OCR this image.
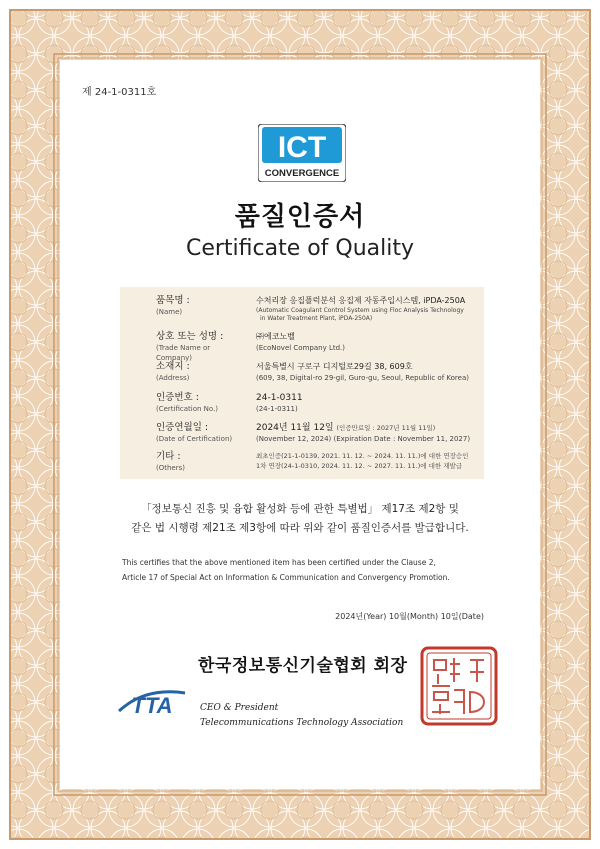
제 24-1-0311호
ICT
CONVERGENCE
품질인증서
Certificate of Quality
품목명 :
(Name)
수처리장 응집플럭분석 응집제 자동주입시스템, iPDA-250A
(Automatic Coagulant Control System using Floc Analysis Technology
in Water Treatment Plant, iPDA-250A)
상호 또는 성명 :
(Trade Name or Company)
㈜에코노벨
(EcoNovel Company Ltd.)
소재지 :
(Address)
서울특별시 구로구 디지털로29길 38, 609호
(609, 38, Digital-ro 29-gil, Guro-gu, Seoul, Republic of Korea)
인증번호 :
(Certification No.)
24-1-0311
(24-1-0311)
인증연월일 :
(Date of Certification)
2024년 11월 12일 (인증만료일 : 2027년 11월 11일)
(November 12, 2024) (Expiration Date : November 11, 2027)
기타 :
(Others)
최초인증(21-1-0139, 2021. 11. 12. ~ 2024. 11. 11.)에 대한 연장승인
1차 연장(24-1-0310, 2024. 11. 12. ~ 2027. 11. 11.)에 대한 재발급
「정보통신 진흥 및 융합 활성화 등에 관한 특별법」 제17조 제2항 및
같은 법 시행령 제21조 제3항에 따라 위와 같이 품질인증서를 발급합니다.
This certifies that the above mentioned item has been certified under the Clause 2,
Article 17 of Special Act on Information & Communication and Convergency Promotion.
2024년(Year) 10월(Month) 10일(Date)
TTA
한국정보통신기술협회 회장
CEO & President
Telecommunications Technology Association
